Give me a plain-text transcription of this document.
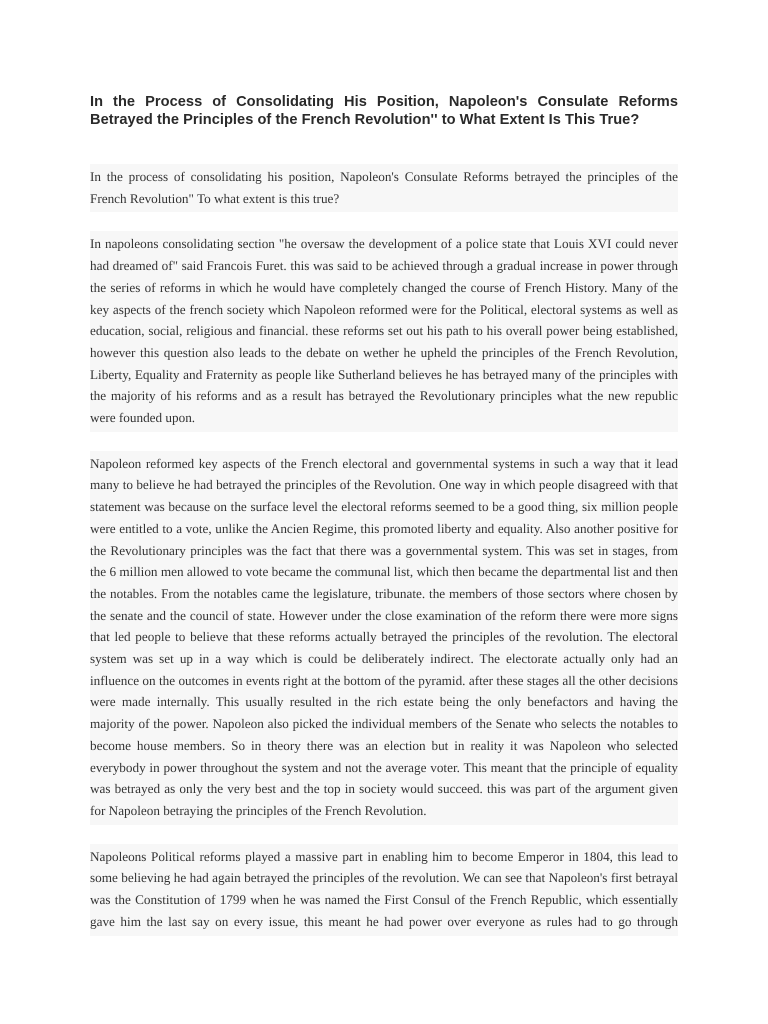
In the Process of Consolidating His Position, Napoleon's Consulate Reforms Betrayed the Principles of the French Revolution'' to What Extent Is This True?

In the process of consolidating his position, Napoleon's Consulate Reforms betrayed the principles of the French Revolution" To what extent is this true?

In napoleons consolidating section "he oversaw the development of a police state that Louis XVI could never had dreamed of" said Francois Furet. this was said to be achieved through a gradual increase in power through the series of reforms in which he would have completely changed the course of French History. Many of the key aspects of the french society which Napoleon reformed were for the Political, electoral systems as well as education, social, religious and financial. these reforms set out his path to his overall power being established, however this question also leads to the debate on wether he upheld the principles of the French Revolution, Liberty, Equality and Fraternity as people like Sutherland believes he has betrayed many of the principles with the majority of his reforms and as a result has betrayed the Revolutionary principles what the new republic were founded upon.

Napoleon reformed key aspects of the French electoral and governmental systems in such a way that it lead many to believe he had betrayed the principles of the Revolution. One way in which people disagreed with that statement was because on the surface level the electoral reforms seemed to be a good thing, six million people were entitled to a vote, unlike the Ancien Regime, this promoted liberty and equality. Also another positive for the Revolutionary principles was the fact that there was a governmental system. This was set in stages, from the 6 million men allowed to vote became the communal list, which then became the departmental list and then the notables. From the notables came the legislature, tribunate. the members of those sectors where chosen by the senate and the council of state. However under the close examination of the reform there were more signs that led people to believe that these reforms actually betrayed the principles of the revolution. The electoral system was set up in a way which is could be deliberately indirect. The electorate actually only had an influence on the outcomes in events right at the bottom of the pyramid. after these stages all the other decisions were made internally. This usually resulted in the rich estate being the only benefactors and having the majority of the power. Napoleon also picked the individual members of the Senate who selects the notables to become house members. So in theory there was an election but in reality it was Napoleon who selected everybody in power throughout the system and not the average voter. This meant that the principle of equality was betrayed as only the very best and the top in society would succeed. this was part of the argument given for Napoleon betraying the principles of the French Revolution.

Napoleons Political reforms played a massive part in enabling him to become Emperor in 1804, this lead to some believing he had again betrayed the principles of the revolution. We can see that Napoleon's first betrayal was the Constitution of 1799 when he was named the First Consul of the French Republic, which essentially gave him the last say on every issue, this meant he had power over everyone as rules had to go through
